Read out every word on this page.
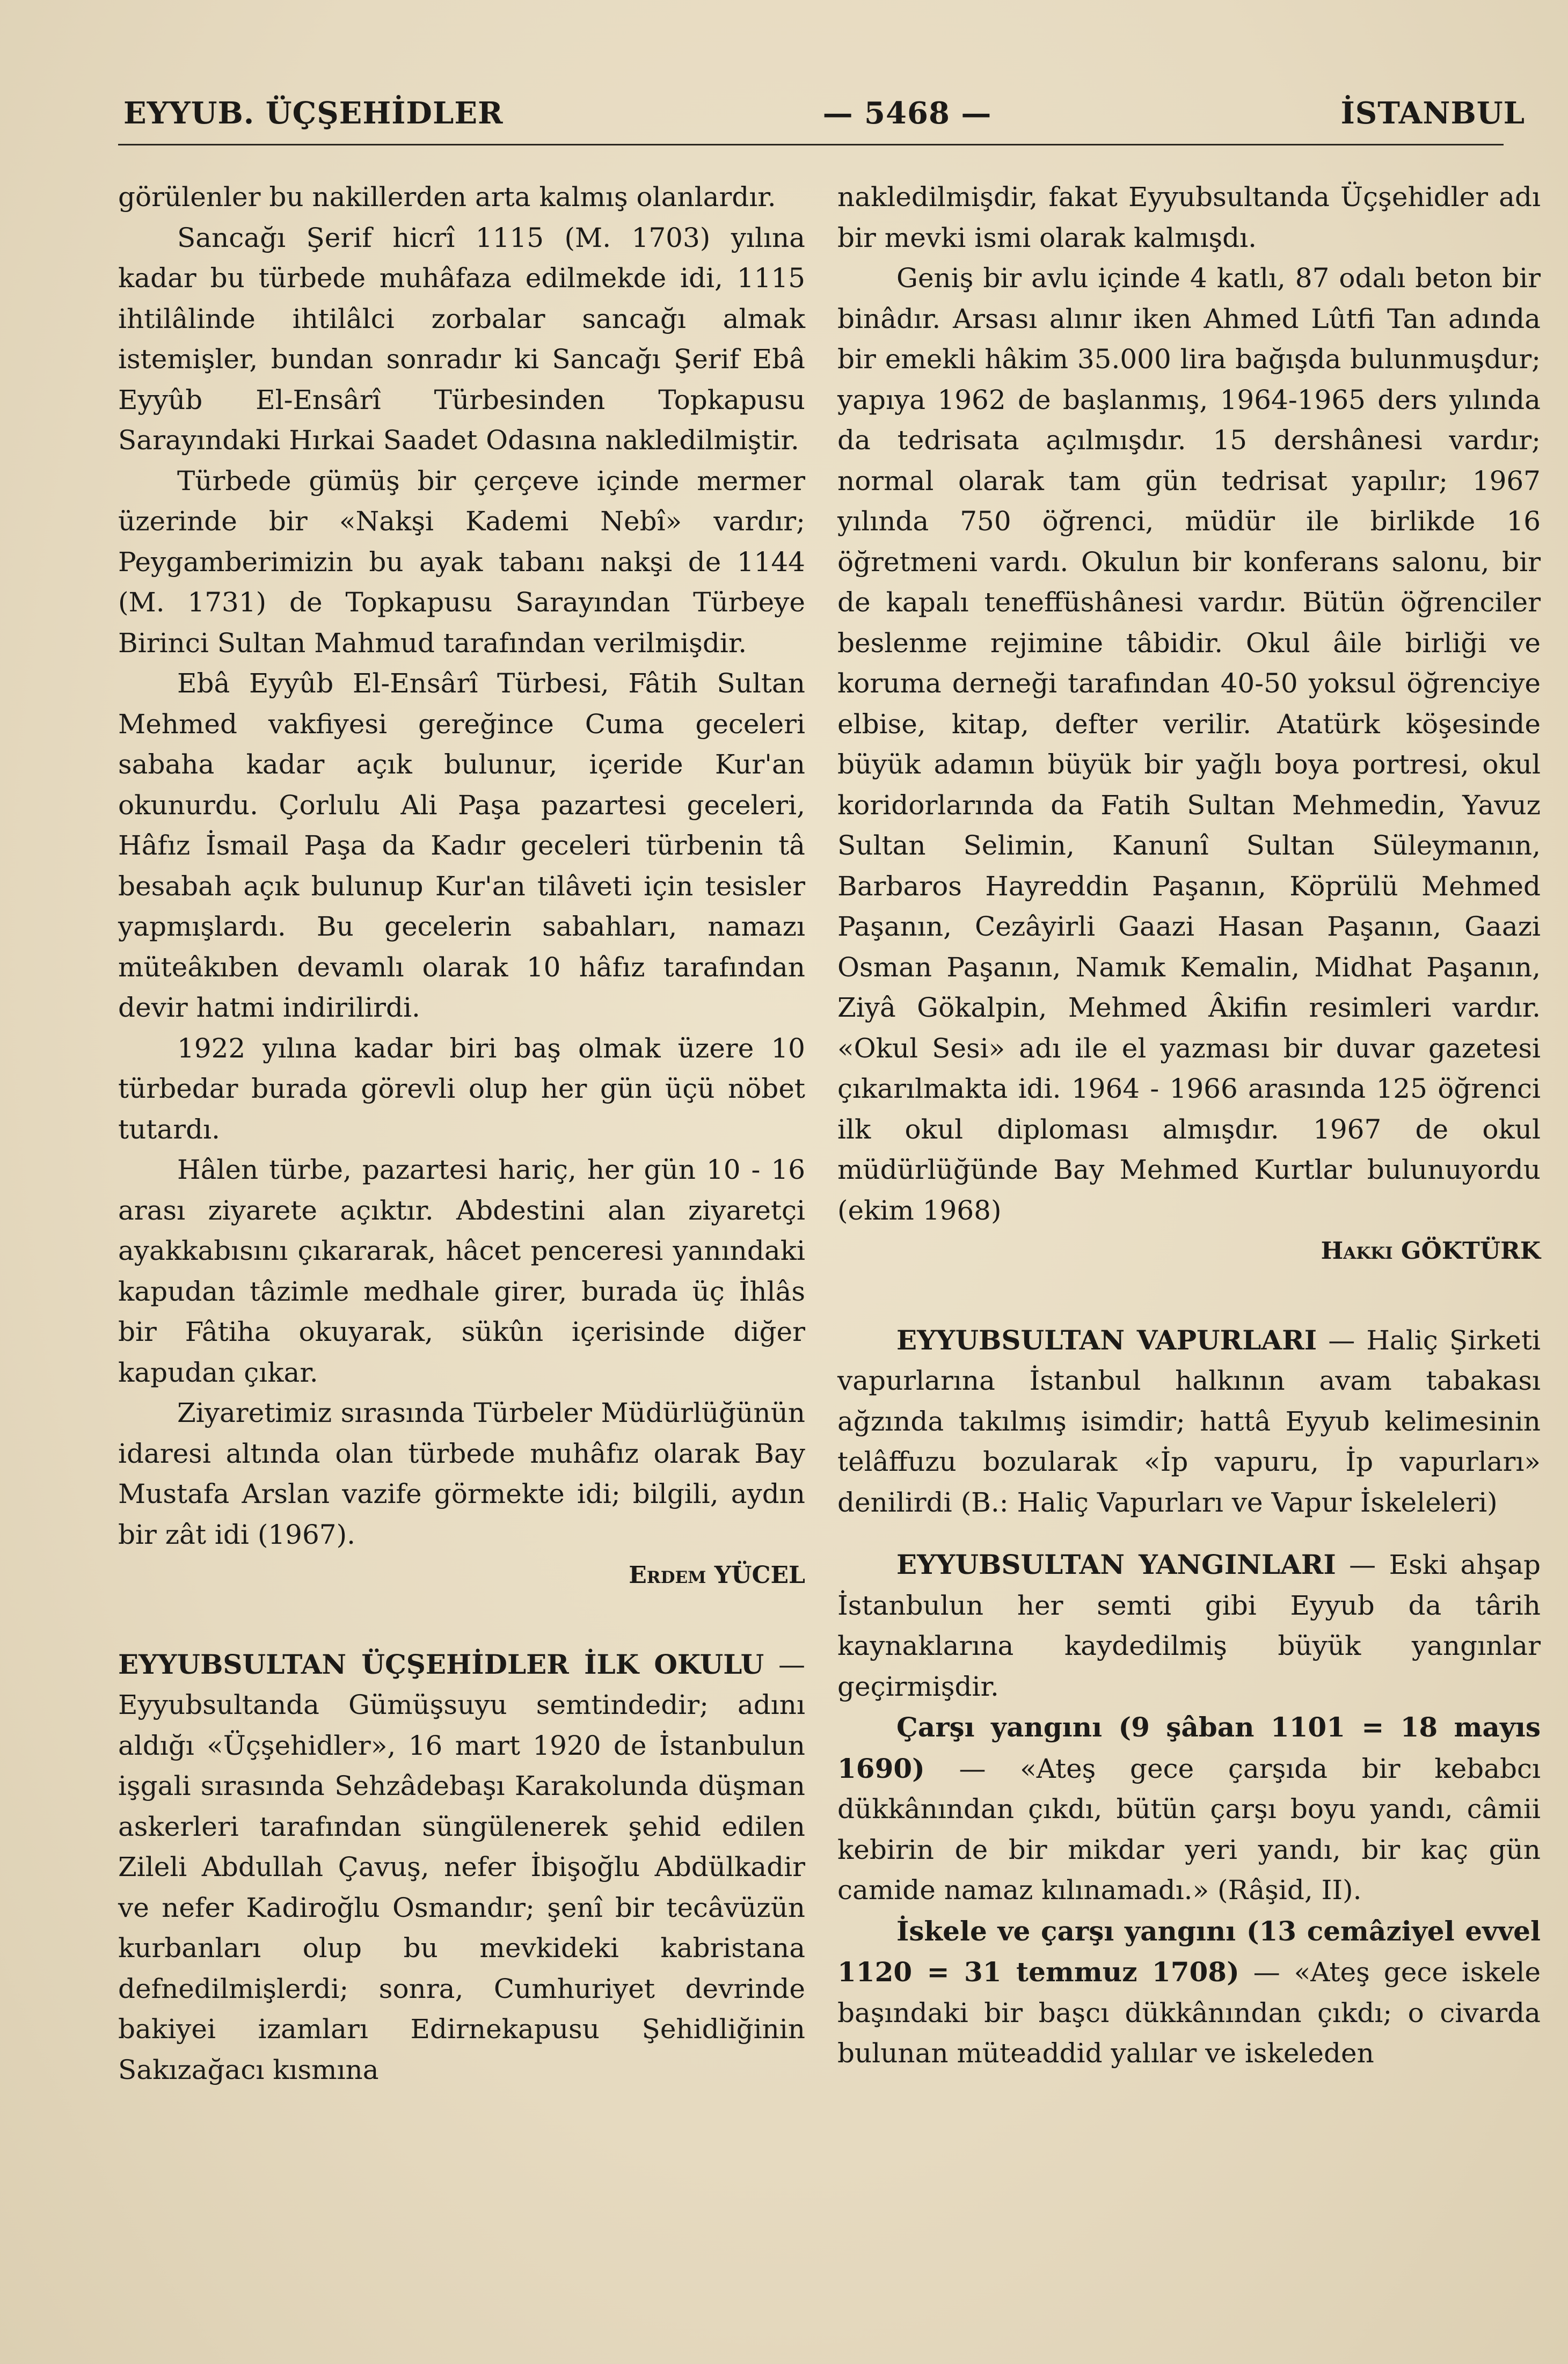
EYYUB. ÜÇŞEHİDLER	— 5468 —	İSTANBUL

görülenler bu nakillerden arta kalmış olanlardır.

Sancağı Şerif hicrî 1115 (M. 1703) yılına kadar bu türbede muhâfaza edilmekde idi, 1115 ihtilâlinde ihtilâlci zorbalar sancağı almak istemişler, bundan sonradır ki Sancağı Şerif Ebâ Eyyûb El-Ensârî Türbesinden Topkapusu Sarayındaki Hırkai Saadet Odasına nakledilmiştir.

Türbede gümüş bir çerçeve içinde mermer üzerinde bir «Nakşi Kademi Nebî» vardır; Peygamberimizin bu ayak tabanı nakşi de 1144 (M. 1731) de Topkapusu Sarayından Türbeye Birinci Sultan Mahmud tarafından verilmişdir.

Ebâ Eyyûb El-Ensârî Türbesi, Fâtih Sultan Mehmed vakfiyesi gereğince Cuma geceleri sabaha kadar açık bulunur, içeride Kur'an okunurdu. Çorlulu Ali Paşa pazartesi geceleri, Hâfız İsmail Paşa da Kadır geceleri türbenin tâ besabah açık bulunup Kur'an tilâveti için tesisler yapmışlardı. Bu gecelerin sabahları, namazı müteâkıben devamlı olarak 10 hâfız tarafından devir hatmi indirilirdi.

1922 yılına kadar biri baş olmak üzere 10 türbedar burada görevli olup her gün üçü nöbet tutardı.

Hâlen türbe, pazartesi hariç, her gün 10 - 16 arası ziyarete açıktır. Abdestini alan ziyaretçi ayakkabısını çıkararak, hâcet penceresi yanındaki kapudan tâzimle medhale girer, burada üç İhlâs bir Fâtiha okuyarak, sükûn içerisinde diğer kapudan çıkar.

Ziyaretimiz sırasında Türbeler Müdürlüğünün idaresi altında olan türbede muhâfız olarak Bay Mustafa Arslan vazife görmekte idi; bilgili, aydın bir zât idi (1967).

Erdem YÜCEL

EYYUBSULTAN ÜÇŞEHİDLER İLK OKULU — Eyyubsultanda Gümüşsuyu semtindedir; adını aldığı «Üçşehidler», 16 mart 1920 de İstanbulun işgali sırasında Sehzâdebaşı Karakolunda düşman askerleri tarafından süngülenerek şehid edilen Zileli Abdullah Çavuş, nefer İbişoğlu Abdülkadir ve nefer Kadiroğlu Osmandır; şenî bir tecâvüzün kurbanları olup bu mevkideki kabristana defnedilmişlerdi; sonra, Cumhuriyet devrinde bakiyei izamları Edirnekapusu Şehidliğinin Sakızağacı kısmına

nakledilmişdir, fakat Eyyubsultanda Üçşehidler adı bir mevki ismi olarak kalmışdı.

Geniş bir avlu içinde 4 katlı, 87 odalı beton bir binâdır. Arsası alınır iken Ahmed Lûtfi Tan adında bir emekli hâkim 35.000 lira bağışda bulunmuşdur; yapıya 1962 de başlanmış, 1964-1965 ders yılında da tedrisata açılmışdır. 15 dershânesi vardır; normal olarak tam gün tedrisat yapılır; 1967 yılında 750 öğrenci, müdür ile birlikde 16 öğretmeni vardı. Okulun bir konferans salonu, bir de kapalı teneffüshânesi vardır. Bütün öğrenciler beslenme rejimine tâbidir. Okul âile birliği ve koruma derneği tarafından 40-50 yoksul öğrenciye elbise, kitap, defter verilir. Atatürk köşesinde büyük adamın büyük bir yağlı boya portresi, okul koridorlarında da Fatih Sultan Mehmedin, Yavuz Sultan Selimin, Kanunî Sultan Süleymanın, Barbaros Hayreddin Paşanın, Köprülü Mehmed Paşanın, Cezâyirli Gaazi Hasan Paşanın, Gaazi Osman Paşanın, Namık Kemalin, Midhat Paşanın, Ziyâ Gökalpin, Mehmed Âkifin resimleri vardır. «Okul Sesi» adı ile el yazması bir duvar gazetesi çıkarılmakta idi. 1964 - 1966 arasında 125 öğrenci ilk okul diploması almışdır. 1967 de okul müdürlüğünde Bay Mehmed Kurtlar bulunuyordu (ekim 1968)

Hakkı GÖKTÜRK

EYYUBSULTAN VAPURLARI — Haliç Şirketi vapurlarına İstanbul halkının avam tabakası ağzında takılmış isimdir; hattâ Eyyub kelimesinin telâffuzu bozularak «İp vapuru, İp vapurları» denilirdi (B.: Haliç Vapurları ve Vapur İskeleleri)

EYYUBSULTAN YANGINLARI — Eski ahşap İstanbulun her semti gibi Eyyub da târih kaynaklarına kaydedilmiş büyük yangınlar geçirmişdir.

Çarşı yangını (9 şâban 1101 = 18 mayıs 1690) — «Ateş gece çarşıda bir kebabcı dükkânından çıkdı, bütün çarşı boyu yandı, câmii kebirin de bir mikdar yeri yandı, bir kaç gün camide namaz kılınamadı.» (Râşid, II).

İskele ve çarşı yangını (13 cemâziyel evvel 1120 = 31 temmuz 1708) — «Ateş gece iskele başındaki bir başcı dükkânından çıkdı; o civarda bulunan müteaddid yalılar ve iskeleden
